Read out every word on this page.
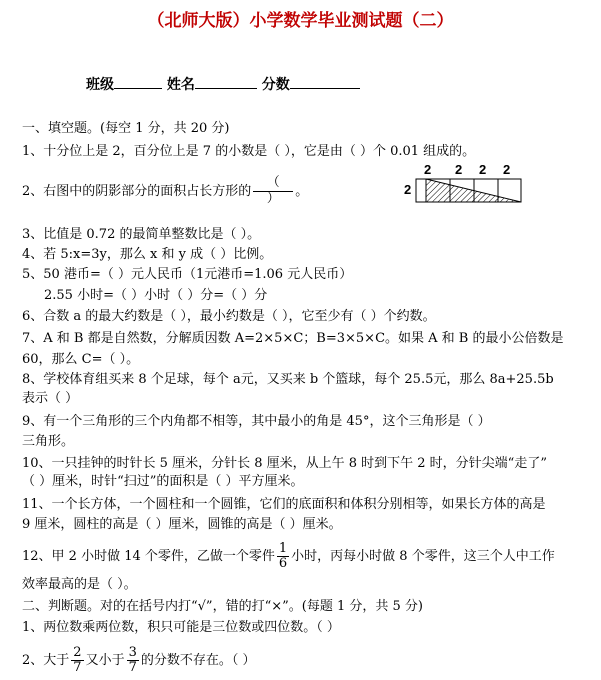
（北师大版）小学数学毕业测试题（二）
班级	姓名	分数
一、填空题。(每空 1 分，共 20 分)
1、十分位上是 2，百分位上是 7 的小数是（ ），它是由（ ）个 0.01 组成的。
2、右图中的阴影部分的面积占长方形的 $\frac{(}{)}$ 。
3、比值是 0.72 的最简单整数比是（ ）。
4、若 5:x=3y，那么 x 和 y 成（ ）比例。
5、50 港币=（ ）元人民币（1元港币=1.06 元人民币）
2.55 小时=（ ）小时（ ）分=（ ）分
6、合数 a 的最大约数是（ ），最小约数是（ ），它至少有（ ）个约数。
7、A 和 B 都是自然数，分解质因数 A=2×5×C；B=3×5×C。如果 A 和 B 的最小公倍数是
60，那么 C=（ ）。
8、学校体育组买来 8 个足球，每个 a元，又买来 b 个篮球，每个 25.5元，那么 8a+25.5b
表示（ ）
9、有一个三角形的三个内角都不相等，其中最小的角是 45°，这个三角形是（ ）
三角形。
10、一只挂钟的时针长 5 厘米，分针长 8 厘米，从上午 8 时到下午 2 时，分针尖端“走了”
（ ）厘米，时针“扫过”的面积是（ ）平方厘米。
11、一个长方体，一个圆柱和一个圆锥，它们的底面积和体积分别相等，如果长方体的高是
9 厘米，圆柱的高是（ ）厘米，圆锥的高是（ ）厘米。
12、甲 2 小时做 14 个零件，乙做一个零件 $\frac{1}{6}$ 小时，丙每小时做 8 个零件，这三个人中工作
效率最高的是（ ）。
二、判断题。对的在括号内打“√”，错的打“×”。(每题 1 分，共 5 分)
1、两位数乘两位数，积只可能是三位数或四位数。（ ）
2、大于 $\frac{2}{7}$ 又小于 $\frac{3}{7}$ 的分数不存在。（ ）
2
2 2 2 2
